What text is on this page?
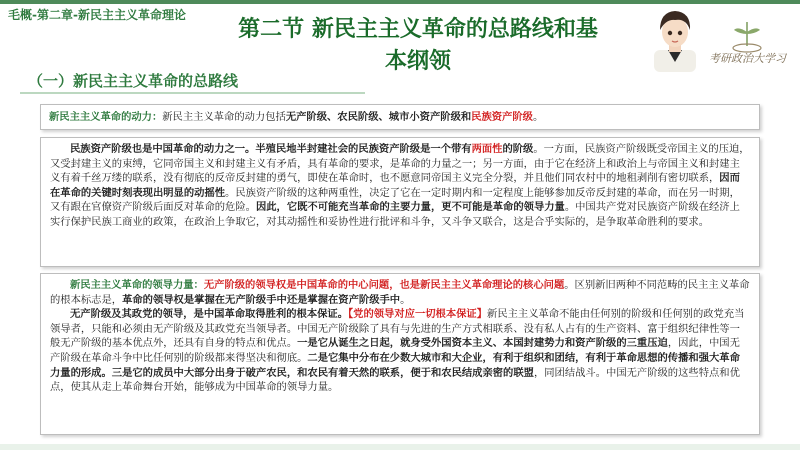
毛概-第二章-新民主主义革命理论
第二节 新民主主义革命的总路线和基
本纲领	考研政治大学习
（一）新民主主义革命的总路线
新民主主义革命的动力：新民主主义革命的动力包括无产阶级、农民阶级、城市小资产阶级和民族资产阶级。
民族资产阶级也是中国革命的动力之一。半殖民地半封建社会的民族资产阶级是一个带有两面性的阶级。一方面，民族资产阶级既受帝国主义的压迫，又受封建主义的束缚，它同帝国主义和封建主义有矛盾，具有革命的要求，是革命的力量之一；另一方面，由于它在经济上和政治上与帝国主义和封建主义有着千丝万缕的联系，没有彻底的反帝反封建的勇气，即使在革命时，也不愿意同帝国主义完全分裂，并且他们同农村中的地租剥削有密切联系，因而在革命的关键时刻表现出明显的动摇性。民族资产阶级的这种两重性，决定了它在一定时期内和一定程度上能够参加反帝反封建的革命，而在另一时期，又有跟在官僚资产阶级后面反对革命的危险。因此，它既不可能充当革命的主要力量，更不可能是革命的领导力量。中国共产党对民族资产阶级在经济上实行保护民族工商业的政策，在政治上争取它，对其动摇性和妥协性进行批评和斗争，又斗争又联合，这是合乎实际的，是争取革命胜利的要求。
新民主主义革命的领导力量：无产阶级的领导权是中国革命的中心问题，也是新民主主义革命理论的核心问题。区别新旧两种不同范畴的民主主义革命的根本标志是，革命的领导权是掌握在无产阶级手中还是掌握在资产阶级手中。
无产阶级及其政党的领导，是中国革命取得胜利的根本保证。【党的领导对应一切根本保证】新民主主义革命不能由任何别的阶级和任何别的政党充当领导者，只能和必须由无产阶级及其政党充当领导者。中国无产阶级除了具有与先进的生产方式相联系、没有私人占有的生产资料、富于组织纪律性等一般无产阶级的基本优点外，还具有自身的特点和优点。一是它从诞生之日起，就身受外国资本主义、本国封建势力和资产阶级的三重压迫，因此，中国无产阶级在革命斗争中比任何别的阶级都来得坚决和彻底。二是它集中分布在少数大城市和大企业，有利于组织和团结，有利于革命思想的传播和强大革命力量的形成。三是它的成员中大部分出身于破产农民，和农民有着天然的联系，便于和农民结成亲密的联盟，同团结战斗。中国无产阶级的这些特点和优点，使其从走上革命舞台开始，能够成为中国革命的领导力量。
